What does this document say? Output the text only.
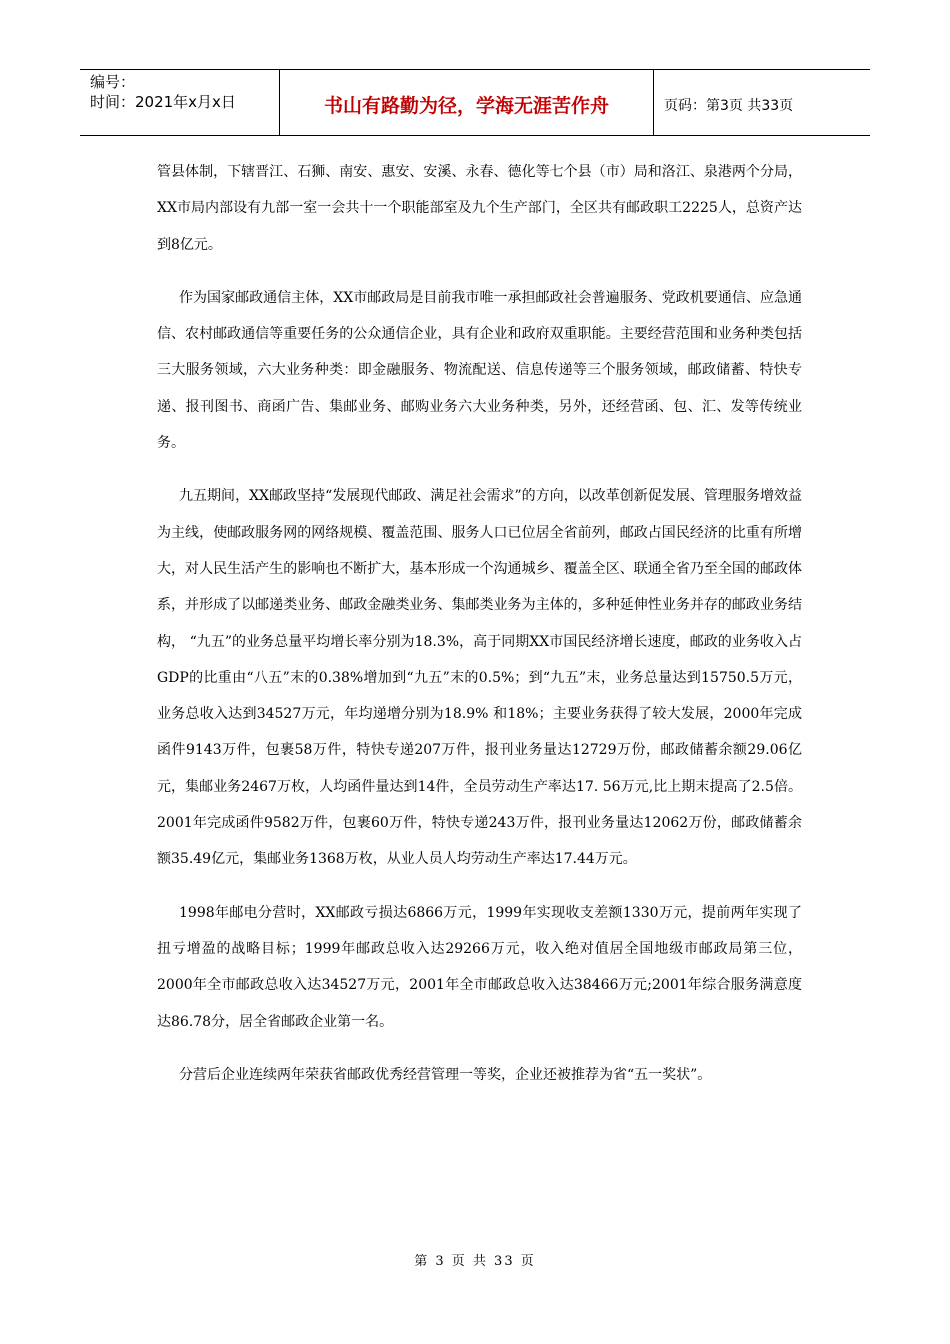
编号：
时间：2021年x月x日	书山有路勤为径，学海无涯苦作舟	页码：第3页 共33页

管县体制，下辖晋江、石狮、南安、惠安、安溪、永春、德化等七个县（市）局和洛江、泉港两个分局，XX市局内部设有九部一室一会共十一个职能部室及九个生产部门，全区共有邮政职工2225人，总资产达到8亿元。

作为国家邮政通信主体，XX市邮政局是目前我市唯一承担邮政社会普遍服务、党政机要通信、应急通信、农村邮政通信等重要任务的公众通信企业，具有企业和政府双重职能。主要经营范围和业务种类包括三大服务领域，六大业务种类：即金融服务、物流配送、信息传递等三个服务领域，邮政储蓄、特快专递、报刊图书、商函广告、集邮业务、邮购业务六大业务种类，另外，还经营函、包、汇、发等传统业务。

九五期间，XX邮政坚持“发展现代邮政、满足社会需求”的方向，以改革创新促发展、管理服务增效益为主线，使邮政服务网的网络规模、覆盖范围、服务人口已位居全省前列，邮政占国民经济的比重有所增大，对人民生活产生的影响也不断扩大，基本形成一个沟通城乡、覆盖全区、联通全省乃至全国的邮政体系，并形成了以邮递类业务、邮政金融类业务、集邮类业务为主体的，多种延伸性业务并存的邮政业务结构， “九五”的业务总量平均增长率分别为18.3%，高于同期XX市国民经济增长速度，邮政的业务收入占GDP的比重由“八五”末的0.38%增加到“九五”末的0.5%；到“九五”末，业务总量达到15750.5万元，业务总收入达到34527万元，年均递增分别为18.9% 和18%；主要业务获得了较大发展，2000年完成函件9143万件，包裹58万件，特快专递207万件，报刊业务量达12729万份，邮政储蓄余额29.06亿元，集邮业务2467万枚，人均函件量达到14件，全员劳动生产率达17. 56万元,比上期末提高了2.5倍。2001年完成函件9582万件，包裹60万件，特快专递243万件，报刊业务量达12062万份，邮政储蓄余额35.49亿元，集邮业务1368万枚，从业人员人均劳动生产率达17.44万元。

1998年邮电分营时，XX邮政亏损达6866万元，1999年实现收支差额1330万元，提前两年实现了扭亏增盈的战略目标；1999年邮政总收入达29266万元，收入绝对值居全国地级市邮政局第三位，2000年全市邮政总收入达34527万元，2001年全市邮政总收入达38466万元;2001年综合服务满意度达86.78分，居全省邮政企业第一名。

分营后企业连续两年荣获省邮政优秀经营管理一等奖，企业还被推荐为省“五一奖状”。

第 3 页 共 33 页
